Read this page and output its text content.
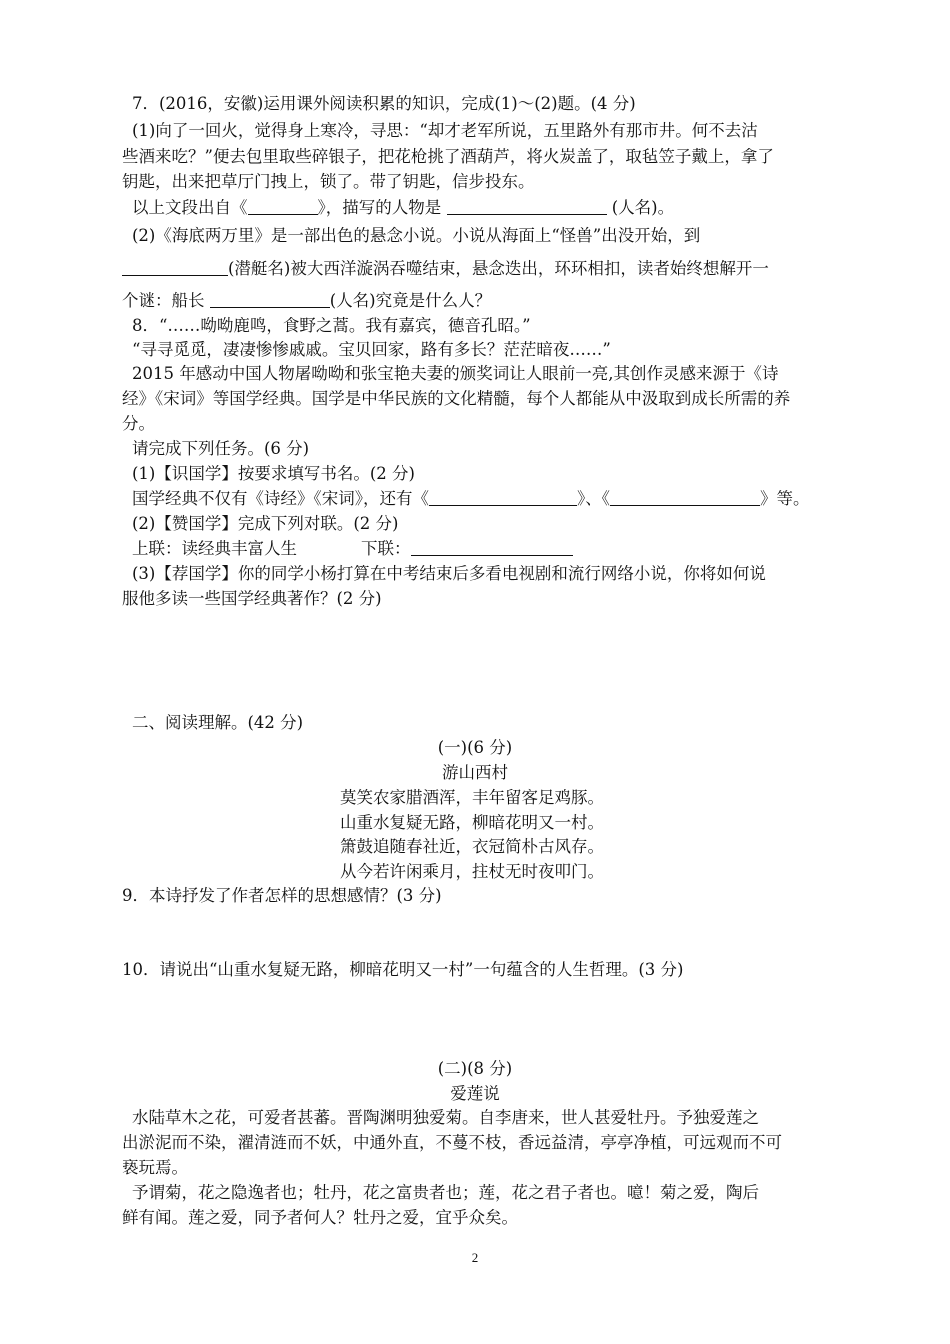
7．(2016，安徽)运用课外阅读积累的知识，完成(1)～(2)题。(4 分)
(1)向了一回火，觉得身上寒冷，寻思：“却才老军所说，五里路外有那市井。何不去沽
些酒来吃？”便去包里取些碎银子，把花枪挑了酒葫芦，将火炭盖了，取毡笠子戴上，拿了
钥匙，出来把草厅门拽上，锁了。带了钥匙，信步投东。
以上文段出自《	》，描写的人物是	(人名)。
(2)《海底两万里》是一部出色的悬念小说。小说从海面上“怪兽”出没开始，到
(潜艇名)被大西洋漩涡吞噬结束，悬念迭出，环环相扣，读者始终想解开一
个谜：船长	(人名)究竟是什么人？
8．“……呦呦鹿鸣，食野之蒿。我有嘉宾，德音孔昭。”
“寻寻觅觅，凄凄惨惨戚戚。宝贝回家，路有多长？茫茫暗夜……”
2015 年感动中国人物屠呦呦和张宝艳夫妻的颁奖词让人眼前一亮,其创作灵感来源于《诗
经》《宋词》等国学经典。国学是中华民族的文化精髓，每个人都能从中汲取到成长所需的养
分。
请完成下列任务。(6 分)
(1)【识国学】按要求填写书名。(2 分)
国学经典不仅有《诗经》《宋词》，还有《	》、《	》等。
(2)【赞国学】完成下列对联。(2 分)
上联：读经典丰富人生	下联：
(3)【荐国学】你的同学小杨打算在中考结束后多看电视剧和流行网络小说，你将如何说
服他多读一些国学经典著作？(2 分)
二、阅读理解。(42 分)
(一)(6 分)
游山西村
莫笑农家腊酒浑，丰年留客足鸡豚。
山重水复疑无路，柳暗花明又一村。
箫鼓追随春社近，衣冠简朴古风存。
从今若许闲乘月，拄杖无时夜叩门。
9．本诗抒发了作者怎样的思想感情？(3 分)
10．请说出“山重水复疑无路，柳暗花明又一村”一句蕴含的人生哲理。(3 分)
(二)(8 分)
爱莲说
水陆草木之花，可爱者甚蕃。晋陶渊明独爱菊。自李唐来，世人甚爱牡丹。予独爱莲之
出淤泥而不染，濯清涟而不妖，中通外直，不蔓不枝，香远益清，亭亭净植，可远观而不可
亵玩焉。
予谓菊，花之隐逸者也；牡丹，花之富贵者也；莲，花之君子者也。噫！菊之爱，陶后
鲜有闻。莲之爱，同予者何人？牡丹之爱，宜乎众矣。
2
